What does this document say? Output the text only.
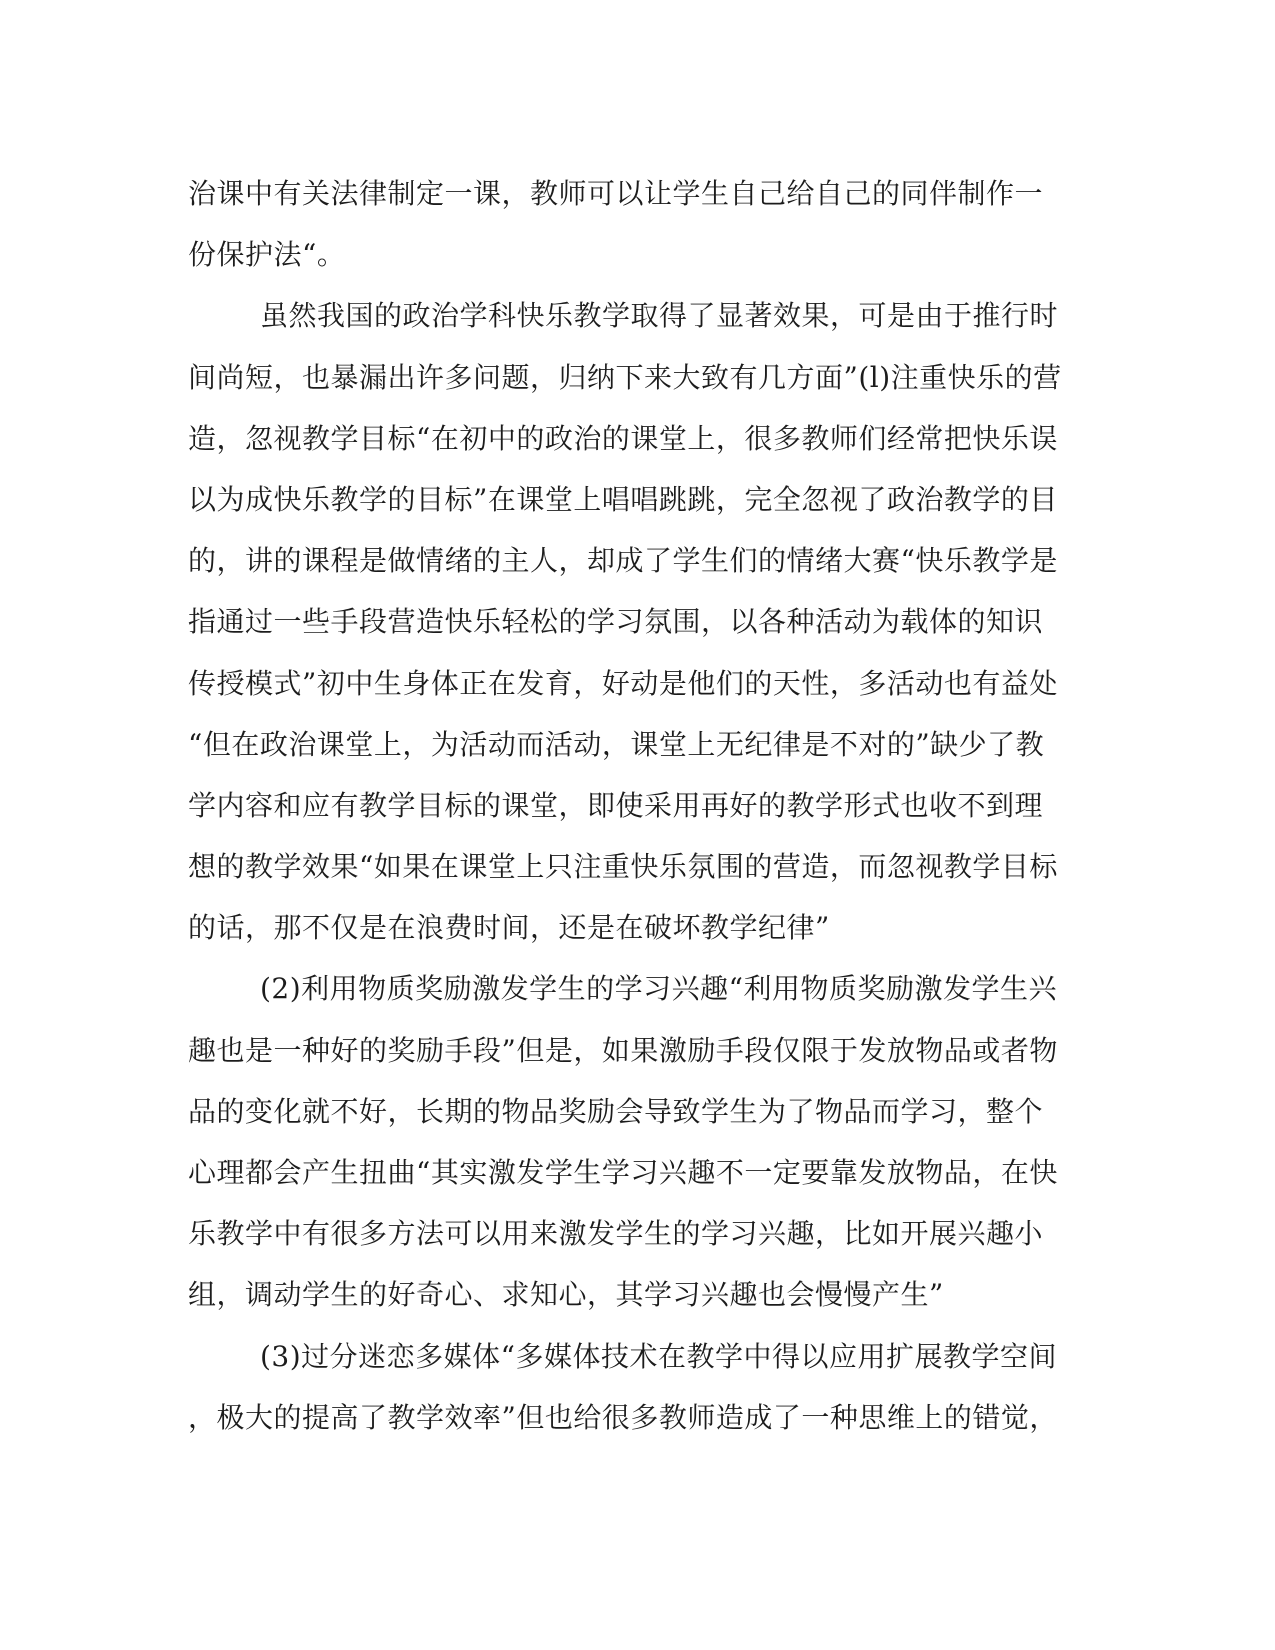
治课中有关法律制定一课，教师可以让学生自己给自己的同伴制作一
份保护法“。
虽然我国的政治学科快乐教学取得了显著效果，可是由于推行时
间尚短，也暴漏出许多问题，归纳下来大致有几方面”(l)注重快乐的营
造，忽视教学目标“在初中的政治的课堂上，很多教师们经常把快乐误
以为成快乐教学的目标”在课堂上唱唱跳跳，完全忽视了政治教学的目
的，讲的课程是做情绪的主人，却成了学生们的情绪大赛“快乐教学是
指通过一些手段营造快乐轻松的学习氛围，以各种活动为载体的知识
传授模式”初中生身体正在发育，好动是他们的天性，多活动也有益处
“但在政治课堂上，为活动而活动，课堂上无纪律是不对的”缺少了教
学内容和应有教学目标的课堂，即使采用再好的教学形式也收不到理
想的教学效果“如果在课堂上只注重快乐氛围的营造，而忽视教学目标
的话，那不仅是在浪费时间，还是在破坏教学纪律”
(2)利用物质奖励激发学生的学习兴趣“利用物质奖励激发学生兴
趣也是一种好的奖励手段”但是，如果激励手段仅限于发放物品或者物
品的变化就不好，长期的物品奖励会导致学生为了物品而学习，整个
心理都会产生扭曲“其实激发学生学习兴趣不一定要靠发放物品，在快
乐教学中有很多方法可以用来激发学生的学习兴趣，比如开展兴趣小
组，调动学生的好奇心、求知心，其学习兴趣也会慢慢产生”
(3)过分迷恋多媒体“多媒体技术在教学中得以应用扩展教学空间
，极大的提高了教学效率”但也给很多教师造成了一种思维上的错觉，
